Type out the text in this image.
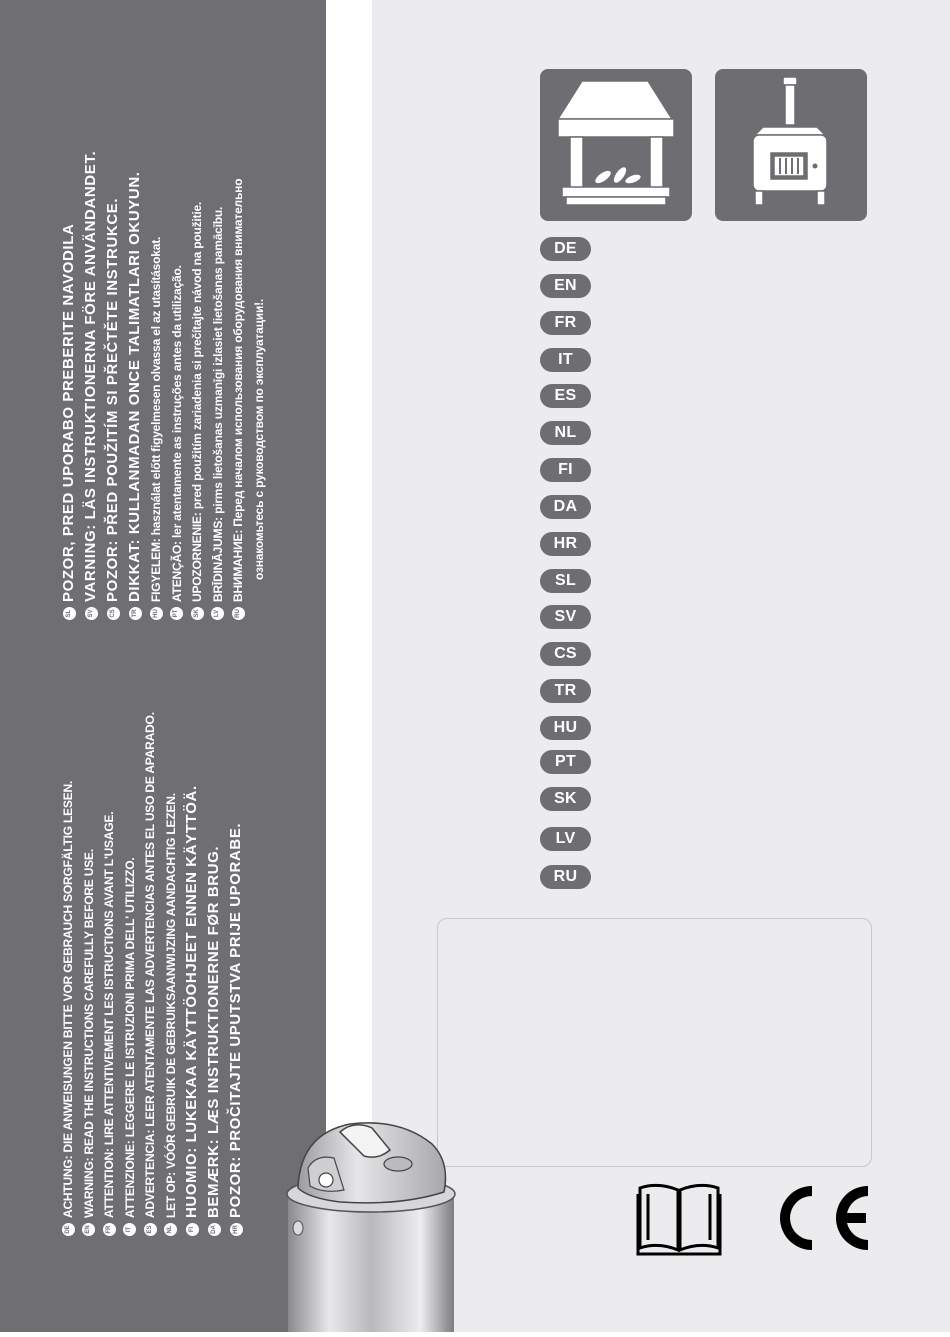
DE
ACHTUNG: DIE ANWEISUNGEN BITTE VOR GEBRAUCH SORGFÄLTIG LESEN.
EN
WARNING: READ THE INSTRUCTIONS CAREFULLY BEFORE USE.
FR
ATTENTION: LIRE ATTENTIVEMENT LES ISTRUCTIONS AVANT L'USAGE.
IT
ATTENZIONE: LEGGERE LE ISTRUZIONI PRIMA DELL' UTILIZZO.
ES
ADVERTENCIA: LEER ATENTAMENTE LAS ADVERTENCIAS ANTES EL USO DE APARADO.
NL
LET OP: VÓÓR GEBRUIK DE GEBRUIKSAANWIJZING AANDACHTIG LEZEN.
FI
HUOMIO: LUKEKAA KÄYTTÖOHJEET ENNEN KÄYTTÖÄ.
DA
BEMÆRK: LÆS INSTRUKTIONERNE FØR BRUG.
HR
POZOR: PROČITAJTE UPUTSTVA PRIJE UPORABE.
SL
POZOR, PRED UPORABO PREBERITE NAVODILA
SV
VARNING: LÄS INSTRUKTIONERNA FÖRE ANVÄNDANDET.
CS
POZOR: PŘED POUŽITÍM SI PŘEČTĚTE INSTRUKCE.
TR
DIKKAT: KULLANMADAN ONCE TALIMATLARI OKUYUN.
HU
FIGYELEM: használat előtt figyelmesen olvassa el az utasításokat.
PT
ATENÇÃO: ler atentamente as instruções antes da utilização.
SK
UPOZORNENIE: pred použitím zariadenia si prečítajte návod na použitie.
LV
BRĪDINĀJUMS: pirms lietošanas uzmanīgi izlasiet lietošanas pamācību.
RU
ВНИМАНИЕ: Перед началом использования оборудования внимательно ознакомьтесь с руководством по эксплуатации!.
DE
EN
FR
IT
ES
NL
FI
DA
HR
SL
SV
CS
TR
HU
PT
SK
LV
RU
